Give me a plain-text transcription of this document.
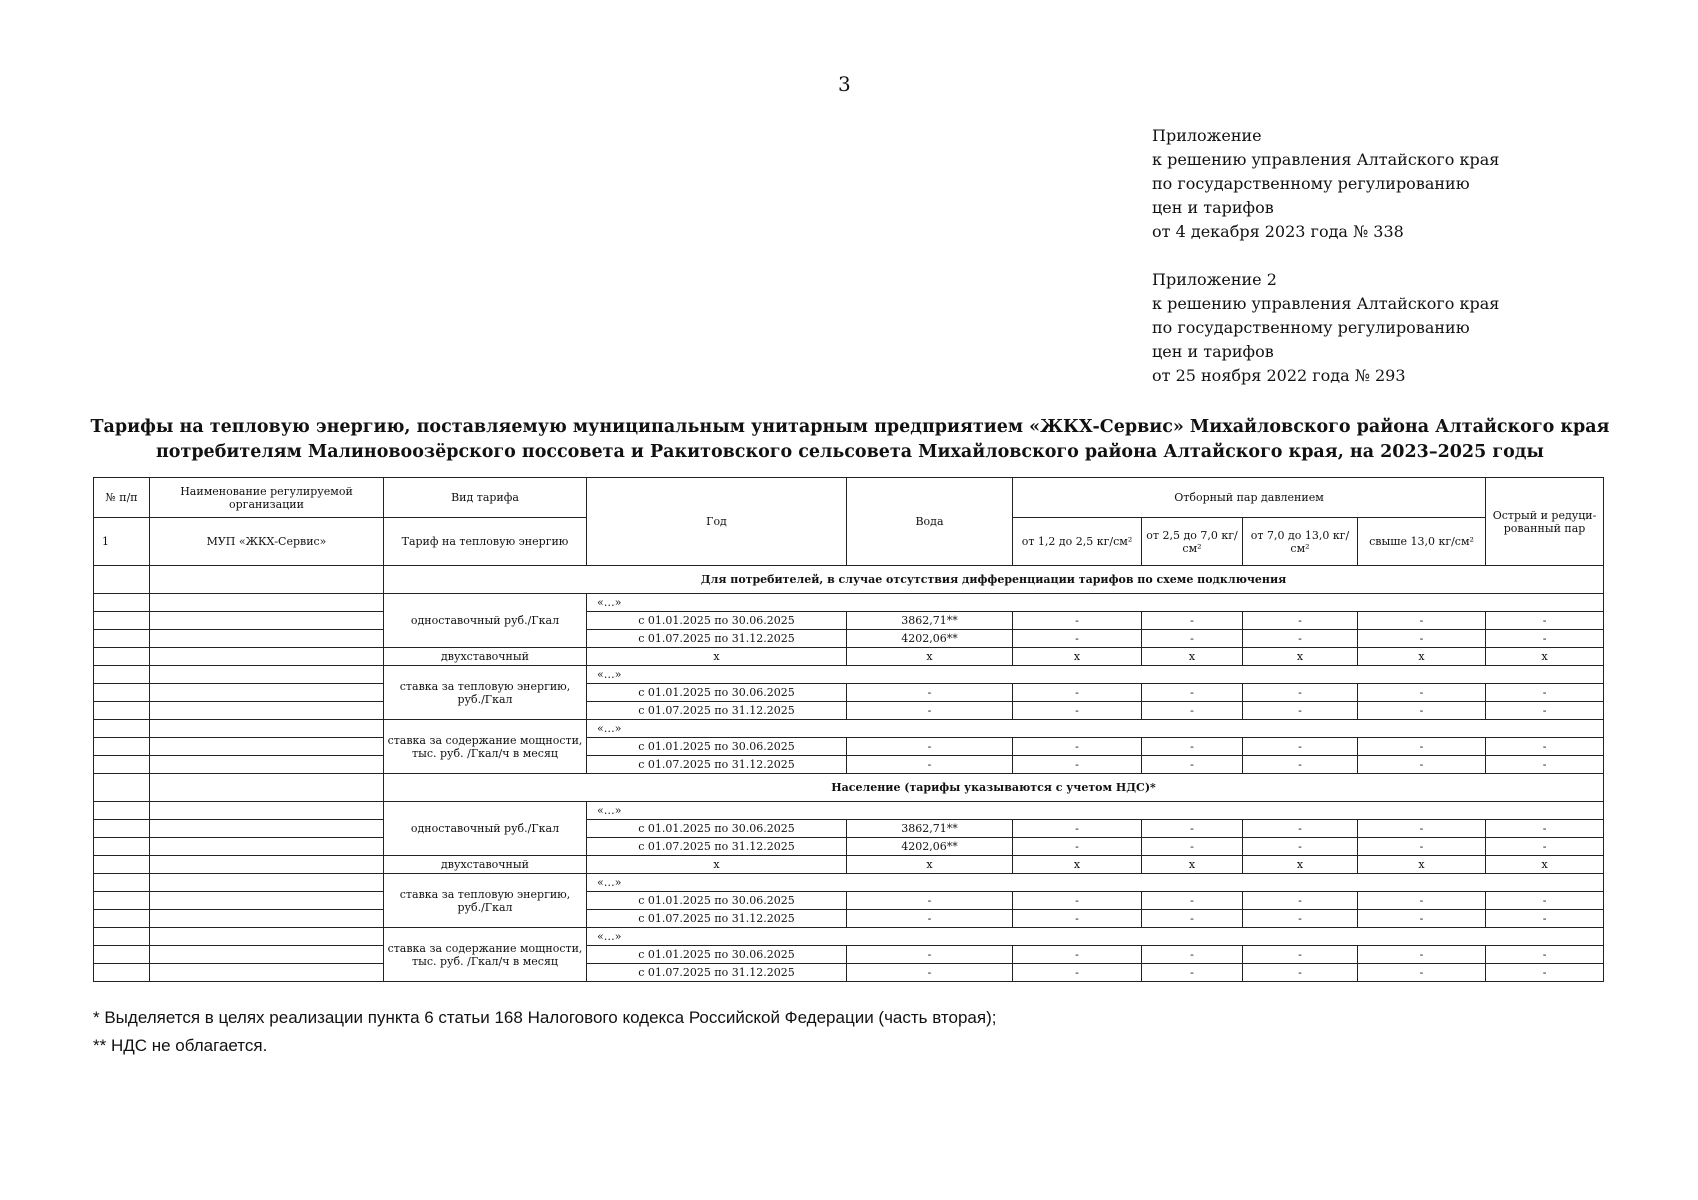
3
Приложение
к решению управления Алтайского края
по государственному регулированию
цен и тарифов
от 4 декабря 2023 года № 338
Приложение 2
к решению управления Алтайского края
по государственному регулированию
цен и тарифов
от 25 ноября 2022 года № 293
Тарифы на тепловую энергию, поставляемую муниципальным унитарным предприятием «ЖКХ-Сервис» Михайловского района Алтайского края
потребителям Малиновоозёрского поссовета и Ракитовского сельсовета Михайловского района Алтайского края, на 2023–2025 годы
№ п/п	Наименование регулируемой организации	Вид тарифа	Год	Вода	Отборный пар давлением				Острый и редуци-рованный пар
1	МУП «ЖКХ-Сервис»	Тариф на тепловую энергию			от 1,2 до 2,5 кг/см²	от 2,5 до 7,0 кг/см²	от 7,0 до 13,0 кг/см²	свыше 13,0 кг/см²	
		Для потребителей, в случае отсутствия дифференциации тарифов по схеме подключения							
		одноставочный руб./Гкал	«…»						
			с 01.01.2025 по 30.06.2025	3862,71**	-	-	-	-	-
			с 01.07.2025 по 31.12.2025	4202,06**	-	-	-	-	-
		двухставочный	x	x	x	x	x	x	x
		ставка за тепловую энергию, руб./Гкал	«…»						
			с 01.01.2025 по 30.06.2025	-	-	-	-	-	-
			с 01.07.2025 по 31.12.2025	-	-	-	-	-	-
		ставка за содержание мощности, тыс. руб. /Гкал/ч в месяц	«…»						
			с 01.01.2025 по 30.06.2025	-	-	-	-	-	-
			с 01.07.2025 по 31.12.2025	-	-	-	-	-	-
		Население (тарифы указываются с учетом НДС)*							
		одноставочный руб./Гкал	«…»						
			с 01.01.2025 по 30.06.2025	3862,71**	-	-	-	-	-
			с 01.07.2025 по 31.12.2025	4202,06**	-	-	-	-	-
		двухставочный	x	x	x	x	x	x	x
		ставка за тепловую энергию, руб./Гкал	«…»						
			с 01.01.2025 по 30.06.2025	-	-	-	-	-	-
			с 01.07.2025 по 31.12.2025	-	-	-	-	-	-
		ставка за содержание мощности, тыс. руб. /Гкал/ч в месяц	«…»						
			с 01.01.2025 по 30.06.2025	-	-	-	-	-	-
			с 01.07.2025 по 31.12.2025	-	-	-	-	-	-
* Выделяется в целях реализации пункта 6 статьи 168 Налогового кодекса Российской Федерации (часть вторая);
** НДС не облагается.
